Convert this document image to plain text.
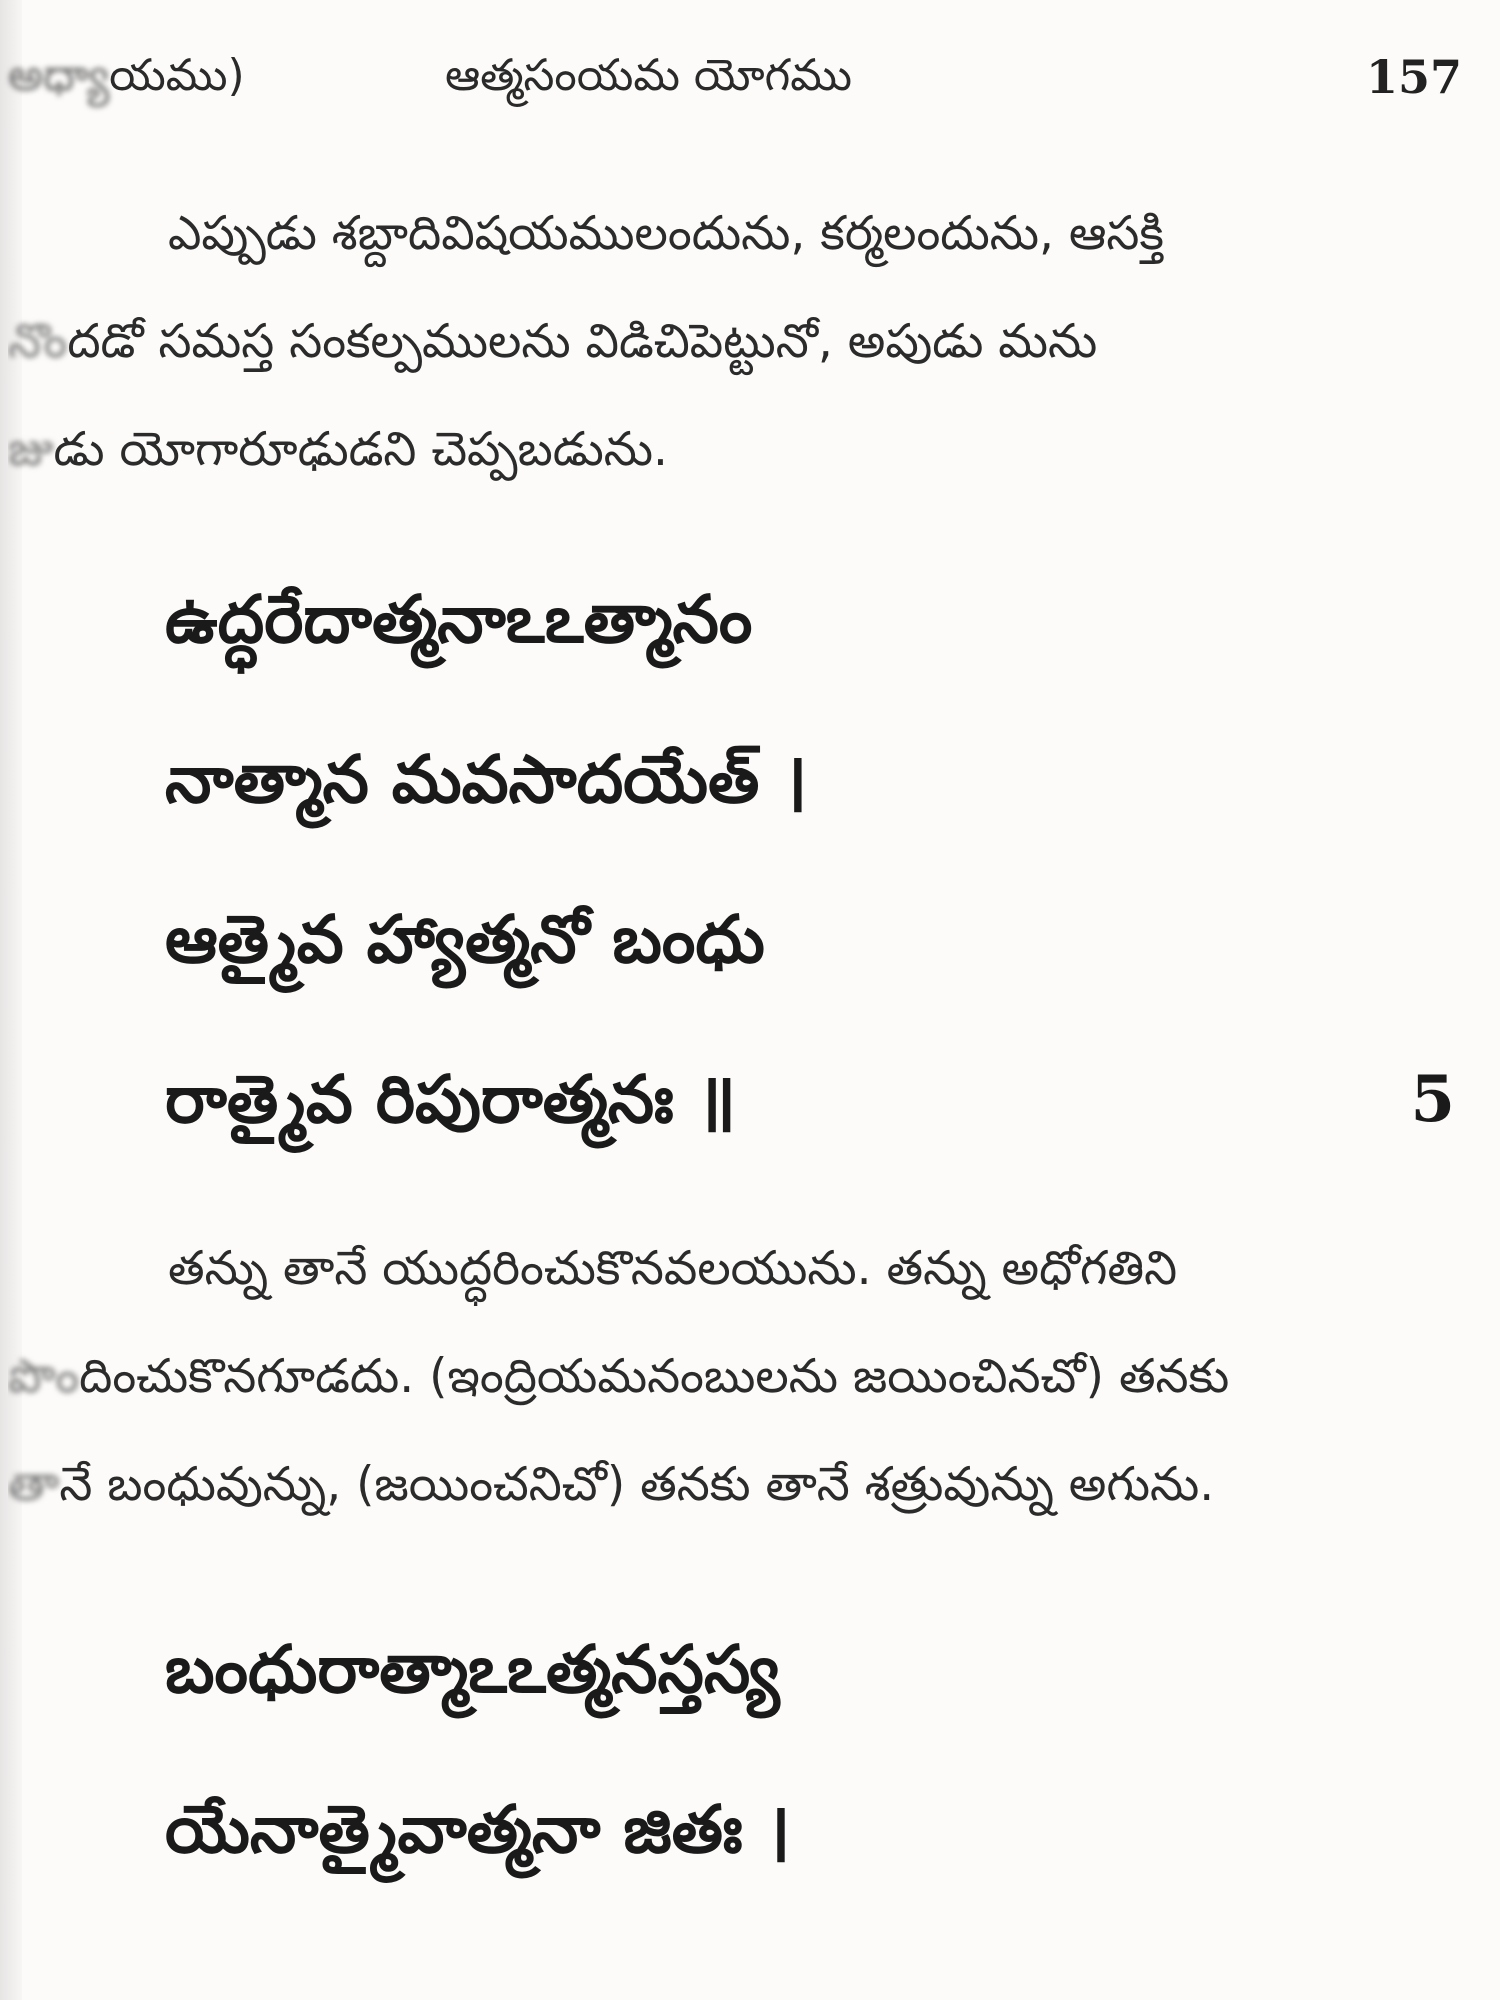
అధ్యాయము)	ఆత్మసంయమ యోగము	157
ఎప్పుడు శబ్దాదివిషయములందును, కర్మలందును, ఆసక్తి
నొందడో సమస్త సంకల్పములను విడిచిపెట్టునో, అపుడు మను
జుడు యోగారూఢుడని చెప్పబడును.
ఉద్ధరేదాత్మనాఽఽత్మానం
నాత్మాన మవసాదయేత్ ।
ఆత్మైవ హ్యాత్మనో బంధు
రాత్మైవ రిపురాత్మనః ॥	5
తన్ను తానే యుద్ధరించుకొనవలయును. తన్ను అధోగతిని
పొందించుకొనగూడదు. (ఇంద్రియమనంబులను జయించినచో) తనకు
తానే బంధువున్ను, (జయించనిచో) తనకు తానే శత్రువున్ను అగును.
బంధురాత్మాఽఽత్మనస్తస్య
యేనాత్మైవాత్మనా జితః ।
